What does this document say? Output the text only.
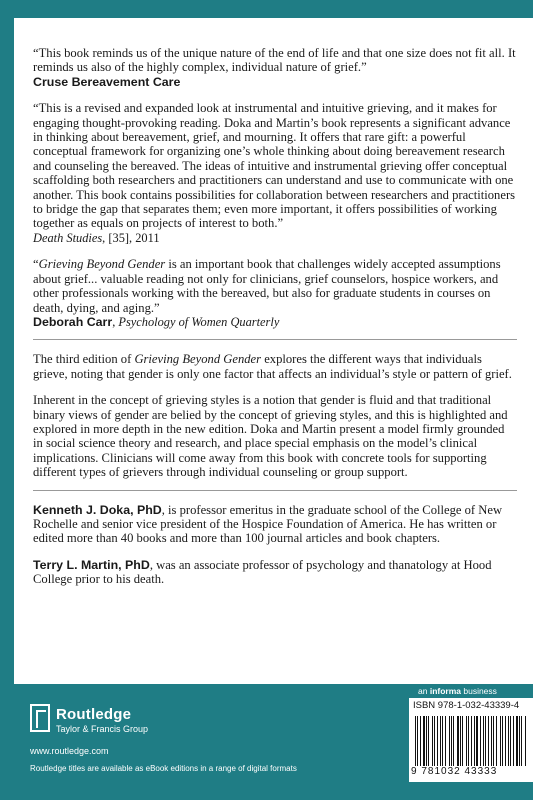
“This book reminds us of the unique nature of the end of life and that one size does not fit all. It reminds us also of the highly complex, individual nature of grief.”

Cruse Bereavement Care

“This is a revised and expanded look at instrumental and intuitive grieving, and it makes for engaging thought-provoking reading. Doka and Martin’s book represents a significant advance in thinking about bereavement, grief, and mourning. It offers that rare gift: a powerful conceptual framework for organizing one’s whole thinking about doing bereavement research and counseling the bereaved. The ideas of intuitive and instrumental grieving offer conceptual scaffolding both researchers and practitioners can understand and use to communicate with one another. This book contains possibilities for collaboration between researchers and practitioners to bridge the gap that separates them; even more important, it offers possibilities of working together as equals on projects of interest to both.”

Death Studies, [35], 2011

“Grieving Beyond Gender is an important book that challenges widely accepted assumptions about grief... valuable reading not only for clinicians, grief counselors, hospice workers, and other professionals working with the bereaved, but also for graduate students in courses on death, dying, and aging.”

Deborah Carr, Psychology of Women Quarterly

The third edition of Grieving Beyond Gender explores the different ways that individuals grieve, noting that gender is only one factor that affects an individual’s style or pattern of grief.

Inherent in the concept of grieving styles is a notion that gender is fluid and that traditional binary views of gender are belied by the concept of grieving styles, and this is highlighted and explored in more depth in the new edition. Doka and Martin present a model firmly grounded in social science theory and research, and place special emphasis on the model’s clinical implications. Clinicians will come away from this book with concrete tools for supporting different types of grievers through individual counseling or group support.

Kenneth J. Doka, PhD, is professor emeritus in the graduate school of the College of New Rochelle and senior vice president of the Hospice Foundation of America. He has written or edited more than 40 books and more than 100 journal articles and book chapters.

Terry L. Martin, PhD, was an associate professor of psychology and thanatology at Hood College prior to his death.

Routledge
Taylor & Francis Group
www.routledge.com
Routledge titles are available as eBook editions in a range of digital formats
an informa business
ISBN 978-1-032-43339-4
9 781032 43333
